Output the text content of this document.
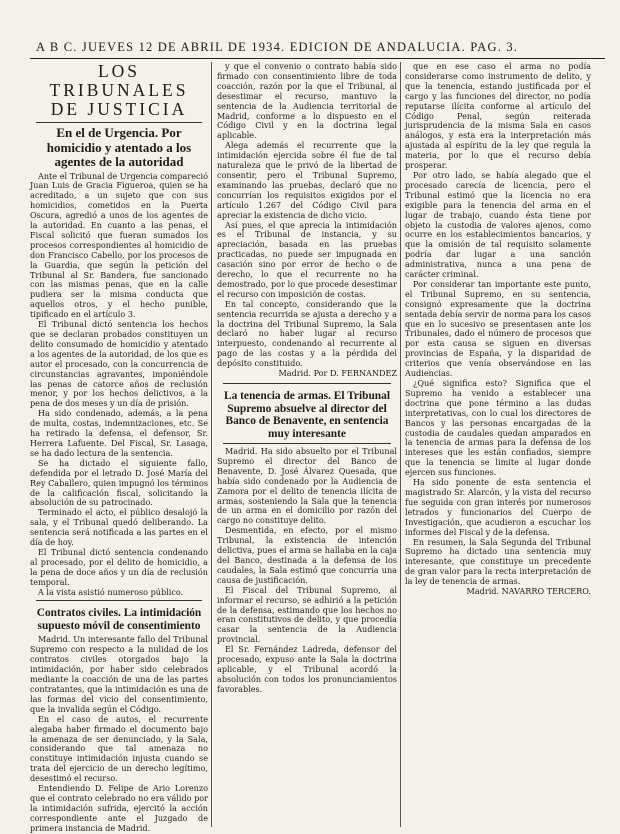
A B C. JUEVES 12 DE ABRIL DE 1934. EDICION DE ANDALUCIA. PAG. 3.
LOS TRIBUNALES
DE JUSTICIA
En el de Urgencia. Por homicidio y atentado a los agentes de la autoridad

Ante el Tribunal de Urgencia compareció Juan Luis de Gracia Figueroa, quien se ha acreditado, a un sujeto que con sus homicidios, cometidos en la Puerta Oscura, agredió a unos de los agentes de la autoridad. En cuanto a las penas, el Fiscal solicitó que fueran sumados los procesos correspondientes al homicidio de don Francisco Cabello, por los procesos de la Guardia, que según la petición del Tribunal al Sr. Bandera, fue sancionado con las mismas penas, que en la calle pudiera ser la misma conducta que aquellos otros, y el hecho punible, tipificado en el artículo 3.

El Tribunal dictó sentencia los hechos que se declaran probados constituyen un delito consumado de homicidio y atentado a los agentes de la autoridad, de los que es autor el procesado, con la concurrencia de circunstancias agravantes, imponiéndole las penas de catorce años de reclusión menor, y por los hechos delictivos, a la pena de dos meses y un día de prisión.

Ha sido condenado, además, a la pena de multa, costas, indemnizaciones, etc. Se ha retirado la defensa, el defensor, Sr. Herrera Lafuente. Del Fiscal, Sr. Lasaga, se ha dado lectura de la sentencia.

Se ha dictado el siguiente fallo, defendida por el letrado D. José María del Rey Caballero, quien impugnó los términos de la calificación fiscal, solicitando la absolución de su patrocinado.

Terminado el acto, el público desalojó la sala, y el Tribunal quedó deliberando. La sentencia será notificada a las partes en el día de hoy.

El Tribunal dictó sentencia condenando al procesado, por el delito de homicidio, a la pena de doce años y un día de reclusión temporal.

A la vista asistió numeroso público.

Contratos civiles. La intimidación supuesto móvil de consentimiento

Madrid. Un interesante fallo del Tribunal Supremo con respecto a la nulidad de los contratos civiles otorgados bajo la intimidación, por haber sido celebrados mediante la coacción de una de las partes contratantes, que la intimidación es una de las formas del vicio del consentimiento, que la invalida según el Código.

En el caso de autos, el recurrente alegaba haber firmado el documento bajo la amenaza de ser denunciado, y la Sala, considerando que tal amenaza no constituye intimidación injusta cuando se trata del ejercicio de un derecho legítimo, desestimó el recurso.

Entendiendo D. Felipe de Ario Lorenzo que el contrato celebrado no era válido por la intimidación sufrida, ejercitó la acción correspondiente ante el Juzgado de primera instancia de Madrid.

y que el convenio o contrato había sido firmado con consentimiento libre de toda coacción, razón por la que el Tribunal, al desestimar el recurso, mantuvo la sentencia de la Audiencia territorial de Madrid, conforme a lo dispuesto en el Código Civil y en la doctrina legal aplicable.

Alega además el recurrente que la intimidación ejercida sobre él fue de tal naturaleza que le privó de la libertad de consentir, pero el Tribunal Supremo, examinando las pruebas, declaró que no concurrían los requisitos exigidos por el artículo 1.267 del Código Civil para apreciar la existencia de dicho vicio.

Así pues, el que aprecia la intimidación es el Tribunal de instancia, y su apreciación, basada en las pruebas practicadas, no puede ser impugnada en casación sino por error de hecho o de derecho, lo que el recurrente no ha demostrado, por lo que procede desestimar el recurso con imposición de costas.

En tal concepto, considerando que la sentencia recurrida se ajusta a derecho y a la doctrina del Tribunal Supremo, la Sala declaró no haber lugar al recurso interpuesto, condenando al recurrente al pago de las costas y a la pérdida del depósito constituido.

Madrid. Por D. FERNANDEZ

La tenencia de armas. El Tribunal Supremo absuelve al director del Banco de Benavente, en sentencia muy interesante

Madrid. Ha sido absuelto por el Tribunal Supremo el director del Banco de Benavente, D. José Álvarez Quesada, que había sido condenado por la Audiencia de Zamora por el delito de tenencia ilícita de armas, sosteniendo la Sala que la tenencia de un arma en el domicilio por razón del cargo no constituye delito.

Desmentida, en efecto, por el mismo Tribunal, la existencia de intención delictiva, pues el arma se hallaba en la caja del Banco, destinada a la defensa de los caudales, la Sala estimó que concurría una causa de justificación.

El Fiscal del Tribunal Supremo, al informar el recurso, se adhirió a la petición de la defensa, estimando que los hechos no eran constitutivos de delito, y que procedía casar la sentencia de la Audiencia provincial.

El Sr. Fernández Ladreda, defensor del procesado, expuso ante la Sala la doctrina aplicable, y el Tribunal acordó la absolución con todos los pronunciamientos favorables.

que en ese caso el arma no podía considerarse como instrumento de delito, y que la tenencia, estando justificada por el cargo y las funciones del director, no podía reputarse ilícita conforme al artículo del Código Penal, según reiterada jurisprudencia de la misma Sala en casos análogos, y esta era la interpretación más ajustada al espíritu de la ley que regula la materia, por lo que el recurso debía prosperar.

Por otro lado, se había alegado que el procesado carecía de licencia, pero el Tribunal estimó que la licencia no era exigible para la tenencia del arma en el lugar de trabajo, cuando ésta tiene por objeto la custodia de valores ajenos, como ocurre en los establecimientos bancarios, y que la omisión de tal requisito solamente podría dar lugar a una sanción administrativa, nunca a una pena de carácter criminal.

Por considerar tan importante este punto, el Tribunal Supremo, en su sentencia, consignó expresamente que la doctrina sentada debía servir de norma para los casos que en lo sucesivo se presentasen ante los Tribunales, dado el número de procesos que por esta causa se siguen en diversas provincias de España, y la disparidad de criterios que venía observándose en las Audiencias.

¿Qué significa esto? Significa que el Supremo ha venido a establecer una doctrina que pone término a las dudas interpretativas, con lo cual los directores de Bancos y las personas encargadas de la custodia de caudales quedan amparados en la tenencia de armas para la defensa de los intereses que les están confiados, siempre que la tenencia se limite al lugar donde ejercen sus funciones.

Ha sido ponente de esta sentencia el magistrado Sr. Alarcón, y la vista del recurso fue seguida con gran interés por numerosos letrados y funcionarios del Cuerpo de Investigación, que acudieron a escuchar los informes del Fiscal y de la defensa.

En resumen, la Sala Segunda del Tribunal Supremo ha dictado una sentencia muy interesante, que constituye un precedente de gran valor para la recta interpretación de la ley de tenencia de armas.

Madrid. NAVARRO TERCERO.
